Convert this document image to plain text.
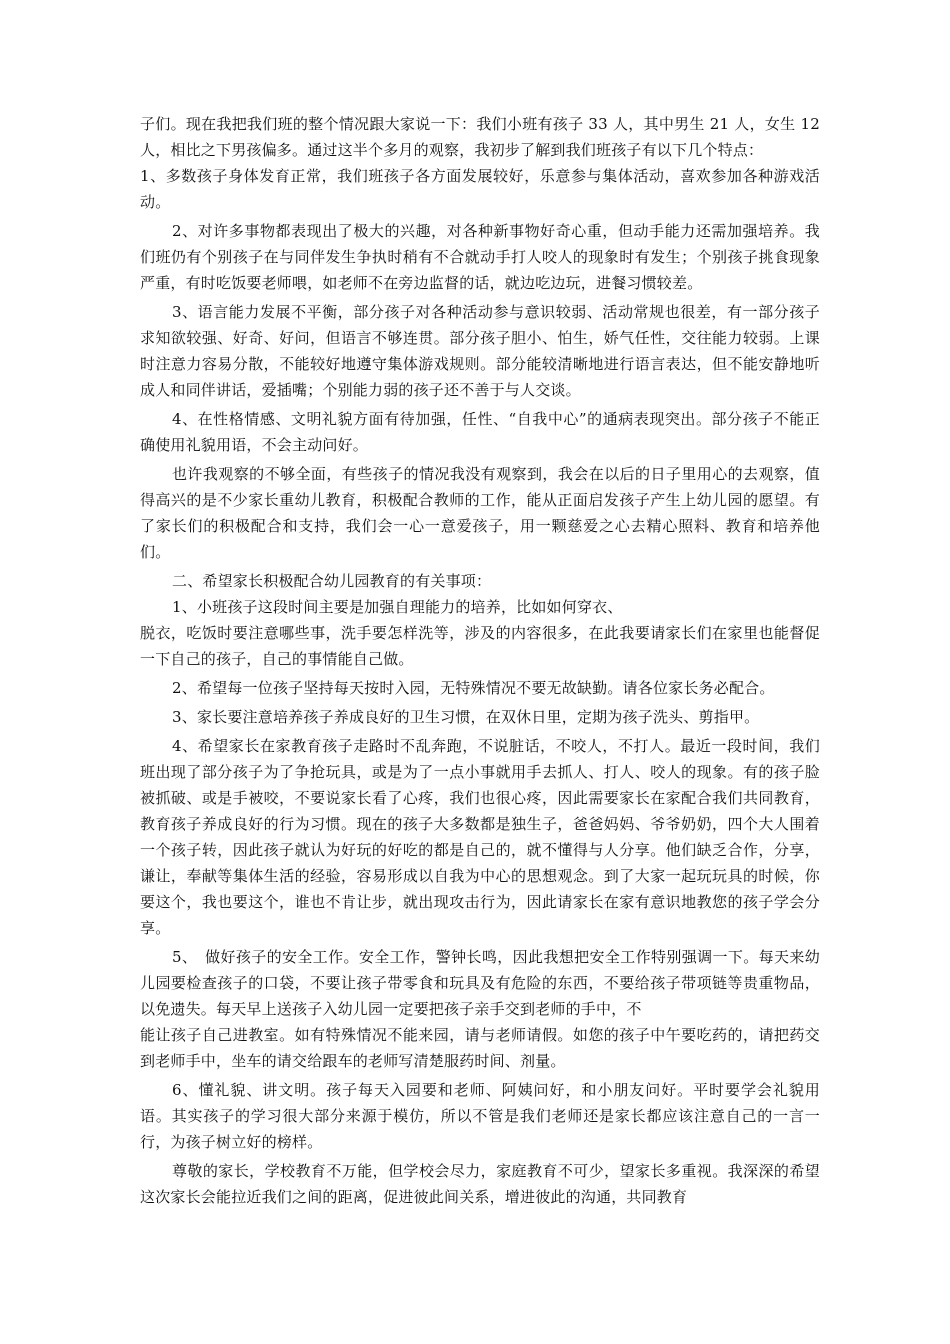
子们。现在我把我们班的整个情况跟大家说一下：我们小班有孩子 33 人，其中男生 21 人，女生 12 人，相比之下男孩偏多。通过这半个多月的观察，我初步了解到我们班孩子有以下几个特点：

1、多数孩子身体发育正常，我们班孩子各方面发展较好，乐意参与集体活动，喜欢参加各种游戏活动。

2、对许多事物都表现出了极大的兴趣，对各种新事物好奇心重，但动手能力还需加强培养。我们班仍有个别孩子在与同伴发生争执时稍有不合就动手打人咬人的现象时有发生；个别孩子挑食现象严重，有时吃饭要老师喂，如老师不在旁边监督的话，就边吃边玩，进餐习惯较差。

3、语言能力发展不平衡，部分孩子对各种活动参与意识较弱、活动常规也很差，有一部分孩子求知欲较强、好奇、好问，但语言不够连贯。部分孩子胆小、怕生，娇气任性，交往能力较弱。上课时注意力容易分散，不能较好地遵守集体游戏规则。部分能较清晰地进行语言表达，但不能安静地听成人和同伴讲话，爱插嘴；个别能力弱的孩子还不善于与人交谈。

4、在性格情感、文明礼貌方面有待加强，任性、“自我中心”的通病表现突出。部分孩子不能正确使用礼貌用语，不会主动问好。

也许我观察的不够全面，有些孩子的情况我没有观察到，我会在以后的日子里用心的去观察，值得高兴的是不少家长重幼儿教育，积极配合教师的工作，能从正面启发孩子产生上幼儿园的愿望。有了家长们的积极配合和支持，我们会一心一意爱孩子，用一颗慈爱之心去精心照料、教育和培养他们。

二、希望家长积极配合幼儿园教育的有关事项：

1、小班孩子这段时间主要是加强自理能力的培养，比如如何穿衣、

脱衣，吃饭时要注意哪些事，洗手要怎样洗等，涉及的内容很多，在此我要请家长们在家里也能督促一下自己的孩子，自己的事情能自己做。

2、希望每一位孩子坚持每天按时入园，无特殊情况不要无故缺勤。请各位家长务必配合。

3、家长要注意培养孩子养成良好的卫生习惯，在双休日里，定期为孩子洗头、剪指甲。

4、希望家长在家教育孩子走路时不乱奔跑，不说脏话，不咬人，不打人。最近一段时间，我们班出现了部分孩子为了争抢玩具，或是为了一点小事就用手去抓人、打人、咬人的现象。有的孩子脸被抓破、或是手被咬，不要说家长看了心疼，我们也很心疼，因此需要家长在家配合我们共同教育，教育孩子养成良好的行为习惯。现在的孩子大多数都是独生子，爸爸妈妈、爷爷奶奶，四个大人围着一个孩子转，因此孩子就认为好玩的好吃的都是自己的，就不懂得与人分享。他们缺乏合作，分享，谦让，奉献等集体生活的经验，容易形成以自我为中心的思想观念。到了大家一起玩玩具的时候，你要这个，我也要这个，谁也不肯让步，就出现攻击行为，因此请家长在家有意识地教您的孩子学会分享。

5、　做好孩子的安全工作。安全工作，警钟长鸣，因此我想把安全工作特别强调一下。每天来幼儿园要检查孩子的口袋，不要让孩子带零食和玩具及有危险的东西，不要给孩子带项链等贵重物品，以免遗失。每天早上送孩子入幼儿园一定要把孩子亲手交到老师的手中，不

能让孩子自己进教室。如有特殊情况不能来园，请与老师请假。如您的孩子中午要吃药的，请把药交到老师手中，坐车的请交给跟车的老师写清楚服药时间、剂量。

6、懂礼貌、讲文明。孩子每天入园要和老师、阿姨问好，和小朋友问好。平时要学会礼貌用语。其实孩子的学习很大部分来源于模仿，所以不管是我们老师还是家长都应该注意自己的一言一行，为孩子树立好的榜样。

尊敬的家长，学校教育不万能，但学校会尽力，家庭教育不可少，望家长多重视。我深深的希望这次家长会能拉近我们之间的距离，促进彼此间关系，增进彼此的沟通，共同教育
